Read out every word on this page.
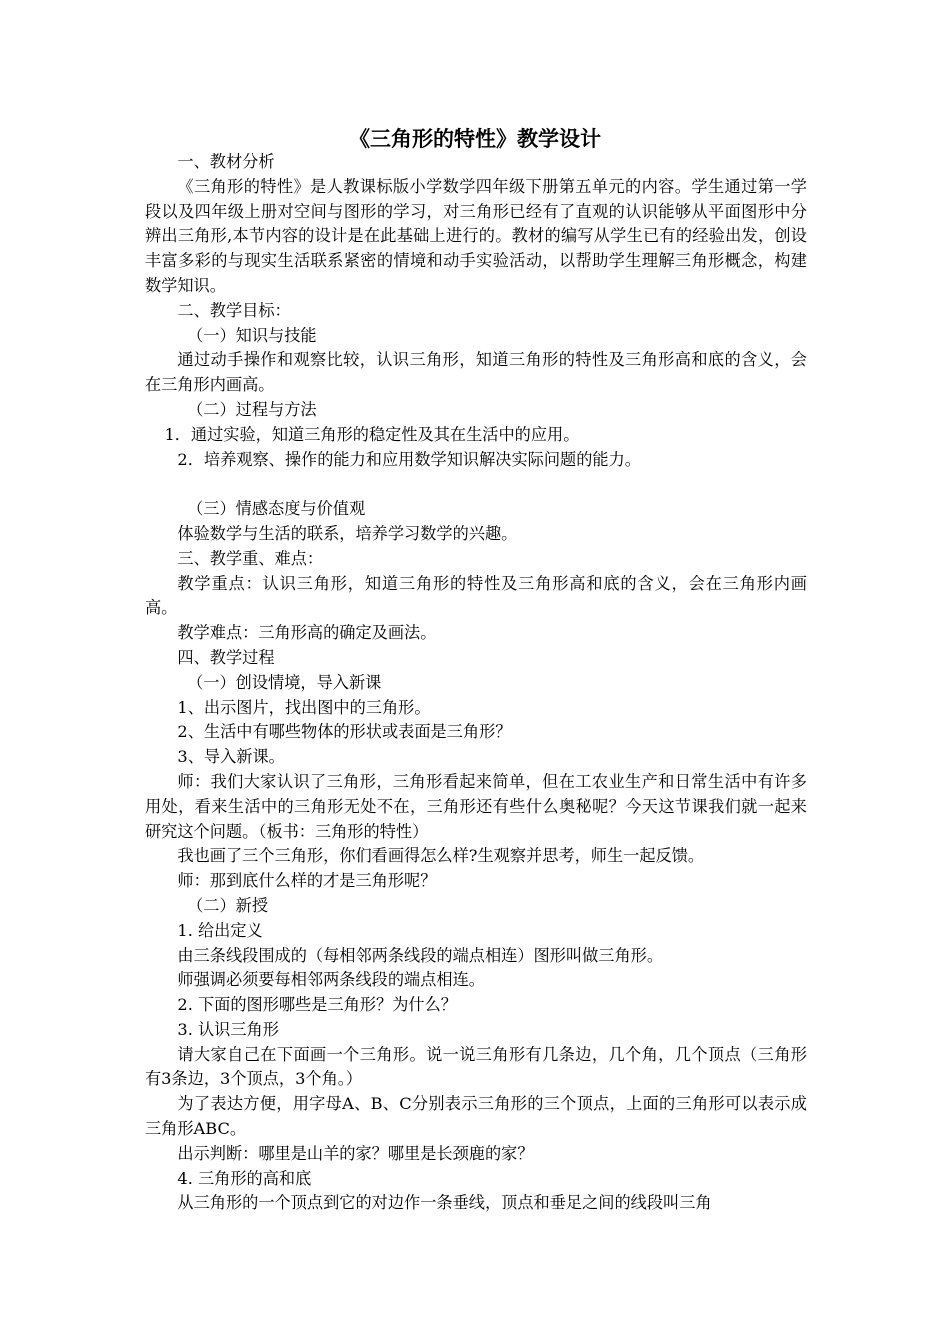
《三角形的特性》教学设计

一、教材分析

《三角形的特性》是人教课标版小学数学四年级下册第五单元的内容。学生通过第一学段以及四年级上册对空间与图形的学习，对三角形已经有了直观的认识能够从平面图形中分辨出三角形,本节内容的设计是在此基础上进行的。教材的编写从学生已有的经验出发，创设丰富多彩的与现实生活联系紧密的情境和动手实验活动，以帮助学生理解三角形概念，构建数学知识。

二、教学目标：

（一）知识与技能

通过动手操作和观察比较，认识三角形，知道三角形的特性及三角形高和底的含义，会在三角形内画高。

（二）过程与方法

1．通过实验，知道三角形的稳定性及其在生活中的应用。

2．培养观察、操作的能力和应用数学知识解决实际问题的能力。

（三）情感态度与价值观

体验数学与生活的联系，培养学习数学的兴趣。

三、教学重、难点：

教学重点：认识三角形，知道三角形的特性及三角形高和底的含义，会在三角形内画高。

教学难点：三角形高的确定及画法。

四、教学过程

（一）创设情境，导入新课

1、出示图片，找出图中的三角形。

2、生活中有哪些物体的形状或表面是三角形？

3、导入新课。

师：我们大家认识了三角形，三角形看起来简单，但在工农业生产和日常生活中有许多用处，看来生活中的三角形无处不在，三角形还有些什么奥秘呢？今天这节课我们就一起来研究这个问题。（板书：三角形的特性）

我也画了三个三角形，你们看画得怎么样?生观察并思考，师生一起反馈。

师：那到底什么样的才是三角形呢？

（二）新授

1. 给出定义

由三条线段围成的（每相邻两条线段的端点相连）图形叫做三角形。

师强调必须要每相邻两条线段的端点相连。

2. 下面的图形哪些是三角形？为什么？

3. 认识三角形

请大家自己在下面画一个三角形。说一说三角形有几条边，几个角，几个顶点（三角形有3条边，3个顶点，3个角。）

为了表达方便，用字母A、B、C分别表示三角形的三个顶点，上面的三角形可以表示成三角形ABC。

出示判断：哪里是山羊的家？哪里是长颈鹿的家？

4. 三角形的高和底

从三角形的一个顶点到它的对边作一条垂线，顶点和垂足之间的线段叫三角
